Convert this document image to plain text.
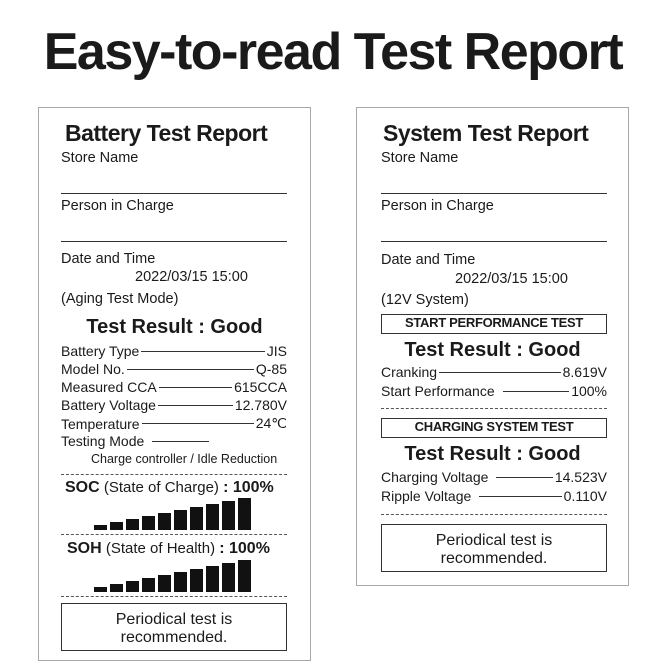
Easy-to-read Test Report
Battery Test Report
Store Name
Person in Charge
Date and Time
2022/03/15 15:00
(Aging Test Mode)
Test Result : Good
Battery Type	JIS
Model No.	Q-85
Measured CCA	615CCA
Battery Voltage	12.780V
Temperature	24℃
Testing Mode
Charge controller / Idle Reduction
SOC (State of Charge) : 100%
SOH (State of Health) : 100%
Periodical test is
recommended.
System Test Report
Store Name
Person in Charge
Date and Time
2022/03/15 15:00
(12V System)
START PERFORMANCE TEST
Test Result : Good
Cranking	8.619V
Start Performance	100%
CHARGING SYSTEM TEST
Test Result : Good
Charging Voltage	14.523V
Ripple Voltage	0.110V
Periodical test is
recommended.
